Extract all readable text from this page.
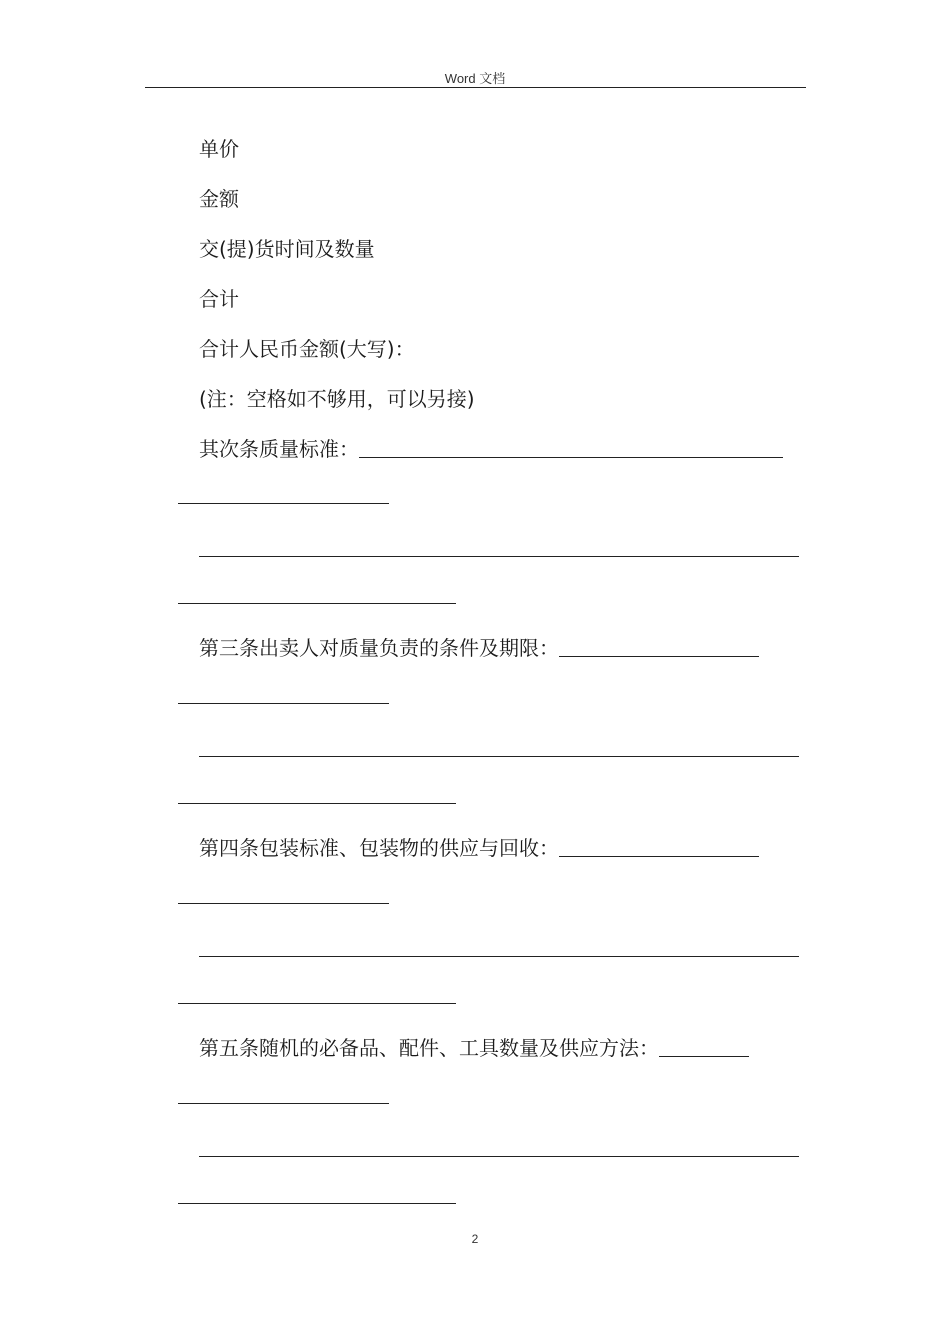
Word 文档
单价
金额
交(提)货时间及数量
合计
合计人民币金额(大写)：
(注：空格如不够用，可以另接)
其次条质量标准：
第三条出卖人对质量负责的条件及期限：
第四条包装标准、包装物的供应与回收：
第五条随机的必备品、配件、工具数量及供应方法：
2
